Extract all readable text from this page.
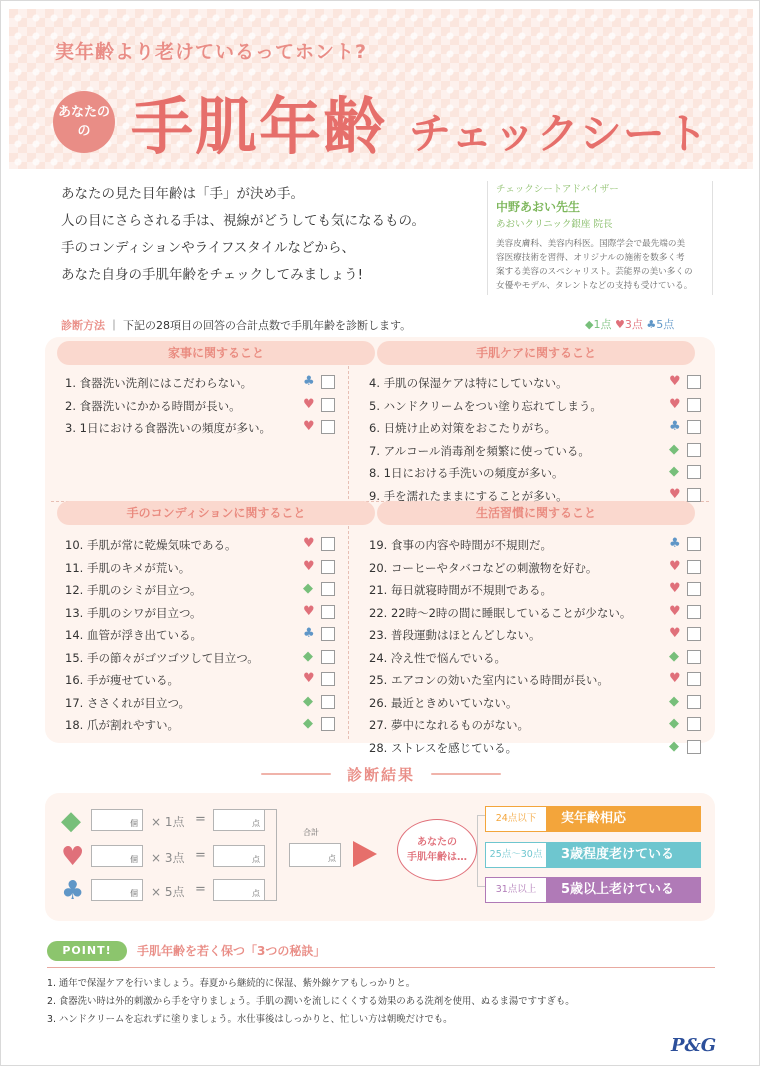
実年齢より老けているってホント?
あなたの
の 手肌年齢 チェックシート

あなたの見た目年齢は「手」が決め手。

人の目にさらされる手は、視線がどうしても気になるもの。

手のコンディションやライフスタイルなどから、

あなた自身の手肌年齢をチェックしてみましょう!

チェックシートアドバイザー
中野あおい先生
あおいクリニック銀座 院長
美容皮膚科、美容内科医。国際学会で最先端の美
容医療技術を習得、オリジナルの施術を数多く考
案する美容のスペシャリスト。芸能界の美い多くの
女優やモデル、タレントなどの支持も受けている。
診断方法 ｜ 下記の28項目の回答の合計点数で手肌年齢を診断します。	◆1点 ♥3点 ♣5点
家事に関すること	手肌ケアに関すること
手のコンディションに関すること	生活習慣に関すること
1. 食器洗い洗剤にはこだわらない。	♣
2. 食器洗いにかかる時間が長い。	♥
3. 1日における食器洗いの頻度が多い。 ♥
4. 手肌の保湿ケアは特にしていない。	♥
5. ハンドクリームをつい塗り忘れてしまう。	♥
6. 日焼け止め対策をおこたりがち。	♣
7. アルコール消毒剤を頻繁に使っている。	◆
8. 1日における手洗いの頻度が多い。	◆
9. 手を濡れたままにすることが多い。	♥
10. 手肌が常に乾燥気味である。	♥
11. 手肌のキメが荒い。	♥
12. 手肌のシミが目立つ。	◆
13. 手肌のシワが目立つ。	♥
14. 血管が浮き出ている。	♣
15. 手の節々がゴツゴツして目立つ。	◆
16. 手が痩せている。	♥
17. ささくれが目立つ。	◆
18. 爪が割れやすい。	◆
19. 食事の内容や時間が不規則だ。	♣
20. コーヒーやタバコなどの刺激物を好む。	♥
21. 毎日就寝時間が不規則である。	♥
22. 22時～2時の間に睡眠していることが少ない。	♥
23. 普段運動はほとんどしない。	♥
24. 冷え性で悩んでいる。	◆
25. エアコンの効いた室内にいる時間が長い。	♥
26. 最近ときめいていない。	◆
27. 夢中になれるものがない。	◆
28. ストレスを感じている。	◆
診断結果
◆	個 × 1点 =	点
♥	個 × 3点 =	点
♣	個 × 5点 =	点
合計
点
あなたの
手肌年齢は…
24点以下	実年齢相応
25点〜30点	3歳程度老けている
31点以上	5歳以上老けている
POINT!	手肌年齢を若く保つ「3つの秘訣」

1. 通年で保湿ケアを行いましょう。春夏から継続的に保湿、紫外線ケアもしっかりと。

2. 食器洗い時は外的刺激から手を守りましょう。手肌の潤いを流しにくくする効果のある洗剤を使用、ぬるま湯ですすぎも。

3. ハンドクリームを忘れずに塗りましょう。水仕事後はしっかりと、忙しい方は朝晩だけでも。

P&G
